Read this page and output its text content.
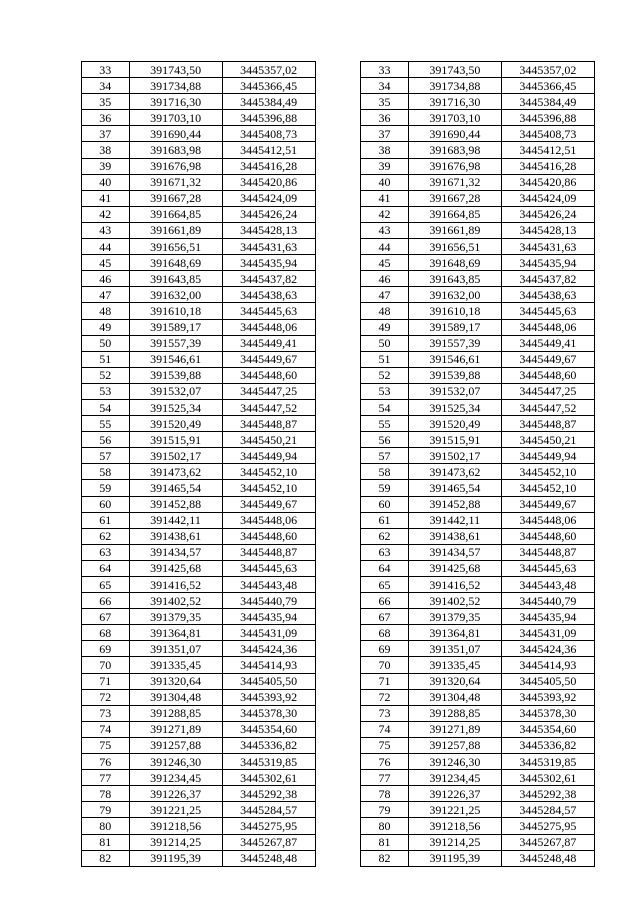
33	391743,50	3445357,02		33	391743,50	3445357,02
34	391734,88	3445366,45		34	391734,88	3445366,45
35	391716,30	3445384,49		35	391716,30	3445384,49
36	391703,10	3445396,88		36	391703,10	3445396,88
37	391690,44	3445408,73		37	391690,44	3445408,73
38	391683,98	3445412,51		38	391683,98	3445412,51
39	391676,98	3445416,28		39	391676,98	3445416,28
40	391671,32	3445420,86		40	391671,32	3445420,86
41	391667,28	3445424,09		41	391667,28	3445424,09
42	391664,85	3445426,24		42	391664,85	3445426,24
43	391661,89	3445428,13		43	391661,89	3445428,13
44	391656,51	3445431,63		44	391656,51	3445431,63
45	391648,69	3445435,94		45	391648,69	3445435,94
46	391643,85	3445437,82		46	391643,85	3445437,82
47	391632,00	3445438,63		47	391632,00	3445438,63
48	391610,18	3445445,63		48	391610,18	3445445,63
49	391589,17	3445448,06		49	391589,17	3445448,06
50	391557,39	3445449,41		50	391557,39	3445449,41
51	391546,61	3445449,67		51	391546,61	3445449,67
52	391539,88	3445448,60		52	391539,88	3445448,60
53	391532,07	3445447,25		53	391532,07	3445447,25
54	391525,34	3445447,52		54	391525,34	3445447,52
55	391520,49	3445448,87		55	391520,49	3445448,87
56	391515,91	3445450,21		56	391515,91	3445450,21
57	391502,17	3445449,94		57	391502,17	3445449,94
58	391473,62	3445452,10		58	391473,62	3445452,10
59	391465,54	3445452,10		59	391465,54	3445452,10
60	391452,88	3445449,67		60	391452,88	3445449,67
61	391442,11	3445448,06		61	391442,11	3445448,06
62	391438,61	3445448,60		62	391438,61	3445448,60
63	391434,57	3445448,87		63	391434,57	3445448,87
64	391425,68	3445445,63		64	391425,68	3445445,63
65	391416,52	3445443,48		65	391416,52	3445443,48
66	391402,52	3445440,79		66	391402,52	3445440,79
67	391379,35	3445435,94		67	391379,35	3445435,94
68	391364,81	3445431,09		68	391364,81	3445431,09
69	391351,07	3445424,36		69	391351,07	3445424,36
70	391335,45	3445414,93		70	391335,45	3445414,93
71	391320,64	3445405,50		71	391320,64	3445405,50
72	391304,48	3445393,92		72	391304,48	3445393,92
73	391288,85	3445378,30		73	391288,85	3445378,30
74	391271,89	3445354,60		74	391271,89	3445354,60
75	391257,88	3445336,82		75	391257,88	3445336,82
76	391246,30	3445319,85		76	391246,30	3445319,85
77	391234,45	3445302,61		77	391234,45	3445302,61
78	391226,37	3445292,38		78	391226,37	3445292,38
79	391221,25	3445284,57		79	391221,25	3445284,57
80	391218,56	3445275,95		80	391218,56	3445275,95
81	391214,25	3445267,87		81	391214,25	3445267,87
82	391195,39	3445248,48		82	391195,39	3445248,48
